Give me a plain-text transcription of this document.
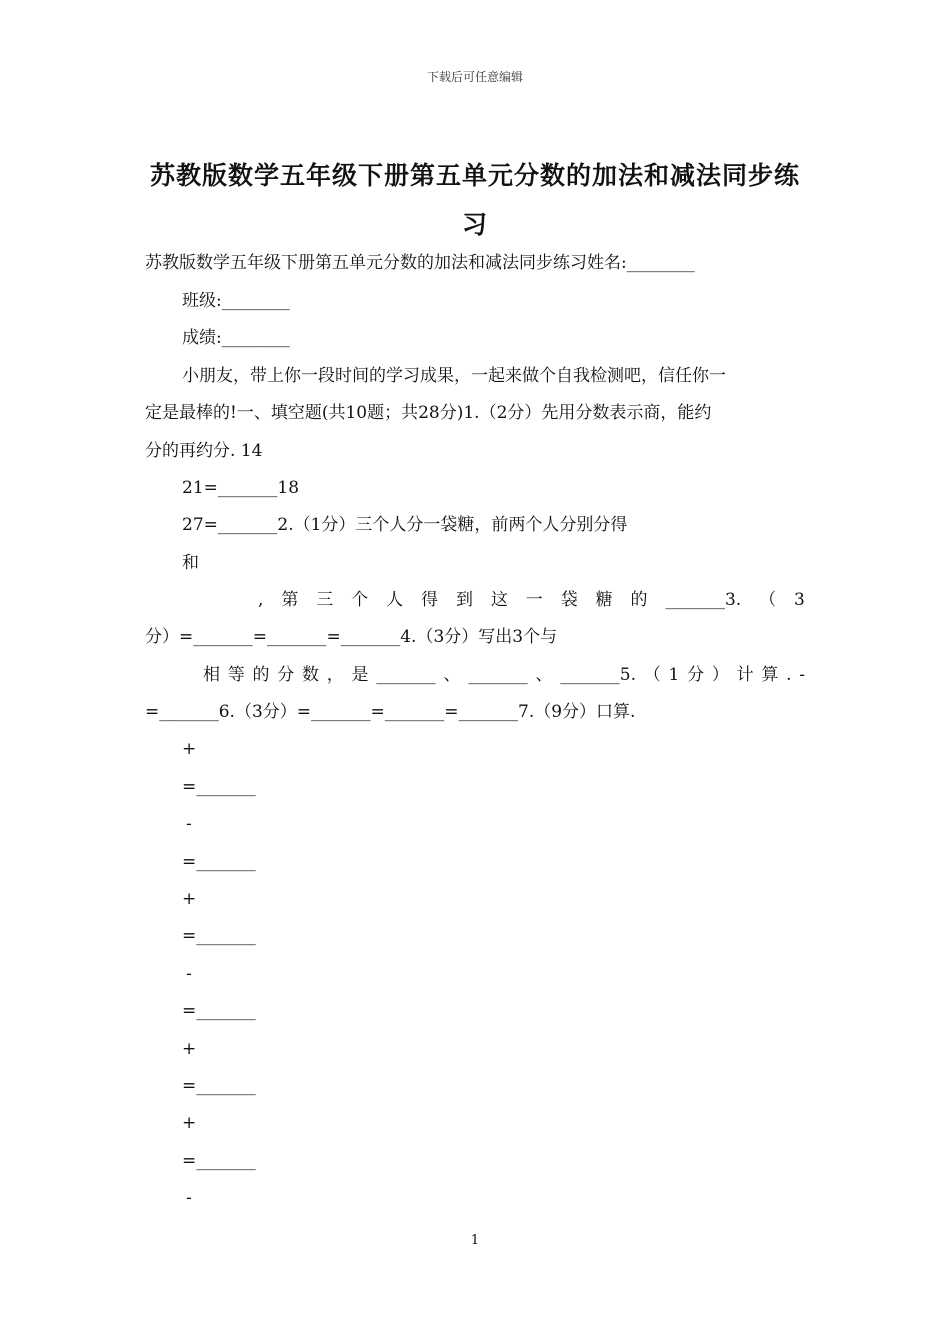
下载后可任意编辑
苏教版数学五年级下册第五单元分数的加法和减法同步练
习
苏教版数学五年级下册第五单元分数的加法和减法同步练习姓名:________
班级:________
成绩:________
小朋友，带上你一段时间的学习成果，一起来做个自我检测吧，信任你一
定是最棒的!一、填空题(共10题；共28分)1.（2分）先用分数表示商，能约
分的再约分. 14
21=_______18
27=_______2.（1分）三个人分一袋糖，前两个人分别分得
和
, 第 三 个 人 得 到 这 一 袋 糖 的 _______3. （ 3
分）=_______=_______=_______4.（3分）写出3个与
相 等 的 分 数 ， 是 _______ 、 _______ 、 _______5. （ 1 分 ） 计 算 . -
=_______6.（3分）=_______=_______=_______7.（9分）口算.
+
=_______
-
=_______
+
=_______
-
=_______
+
=_______
+
=_______
-
1
